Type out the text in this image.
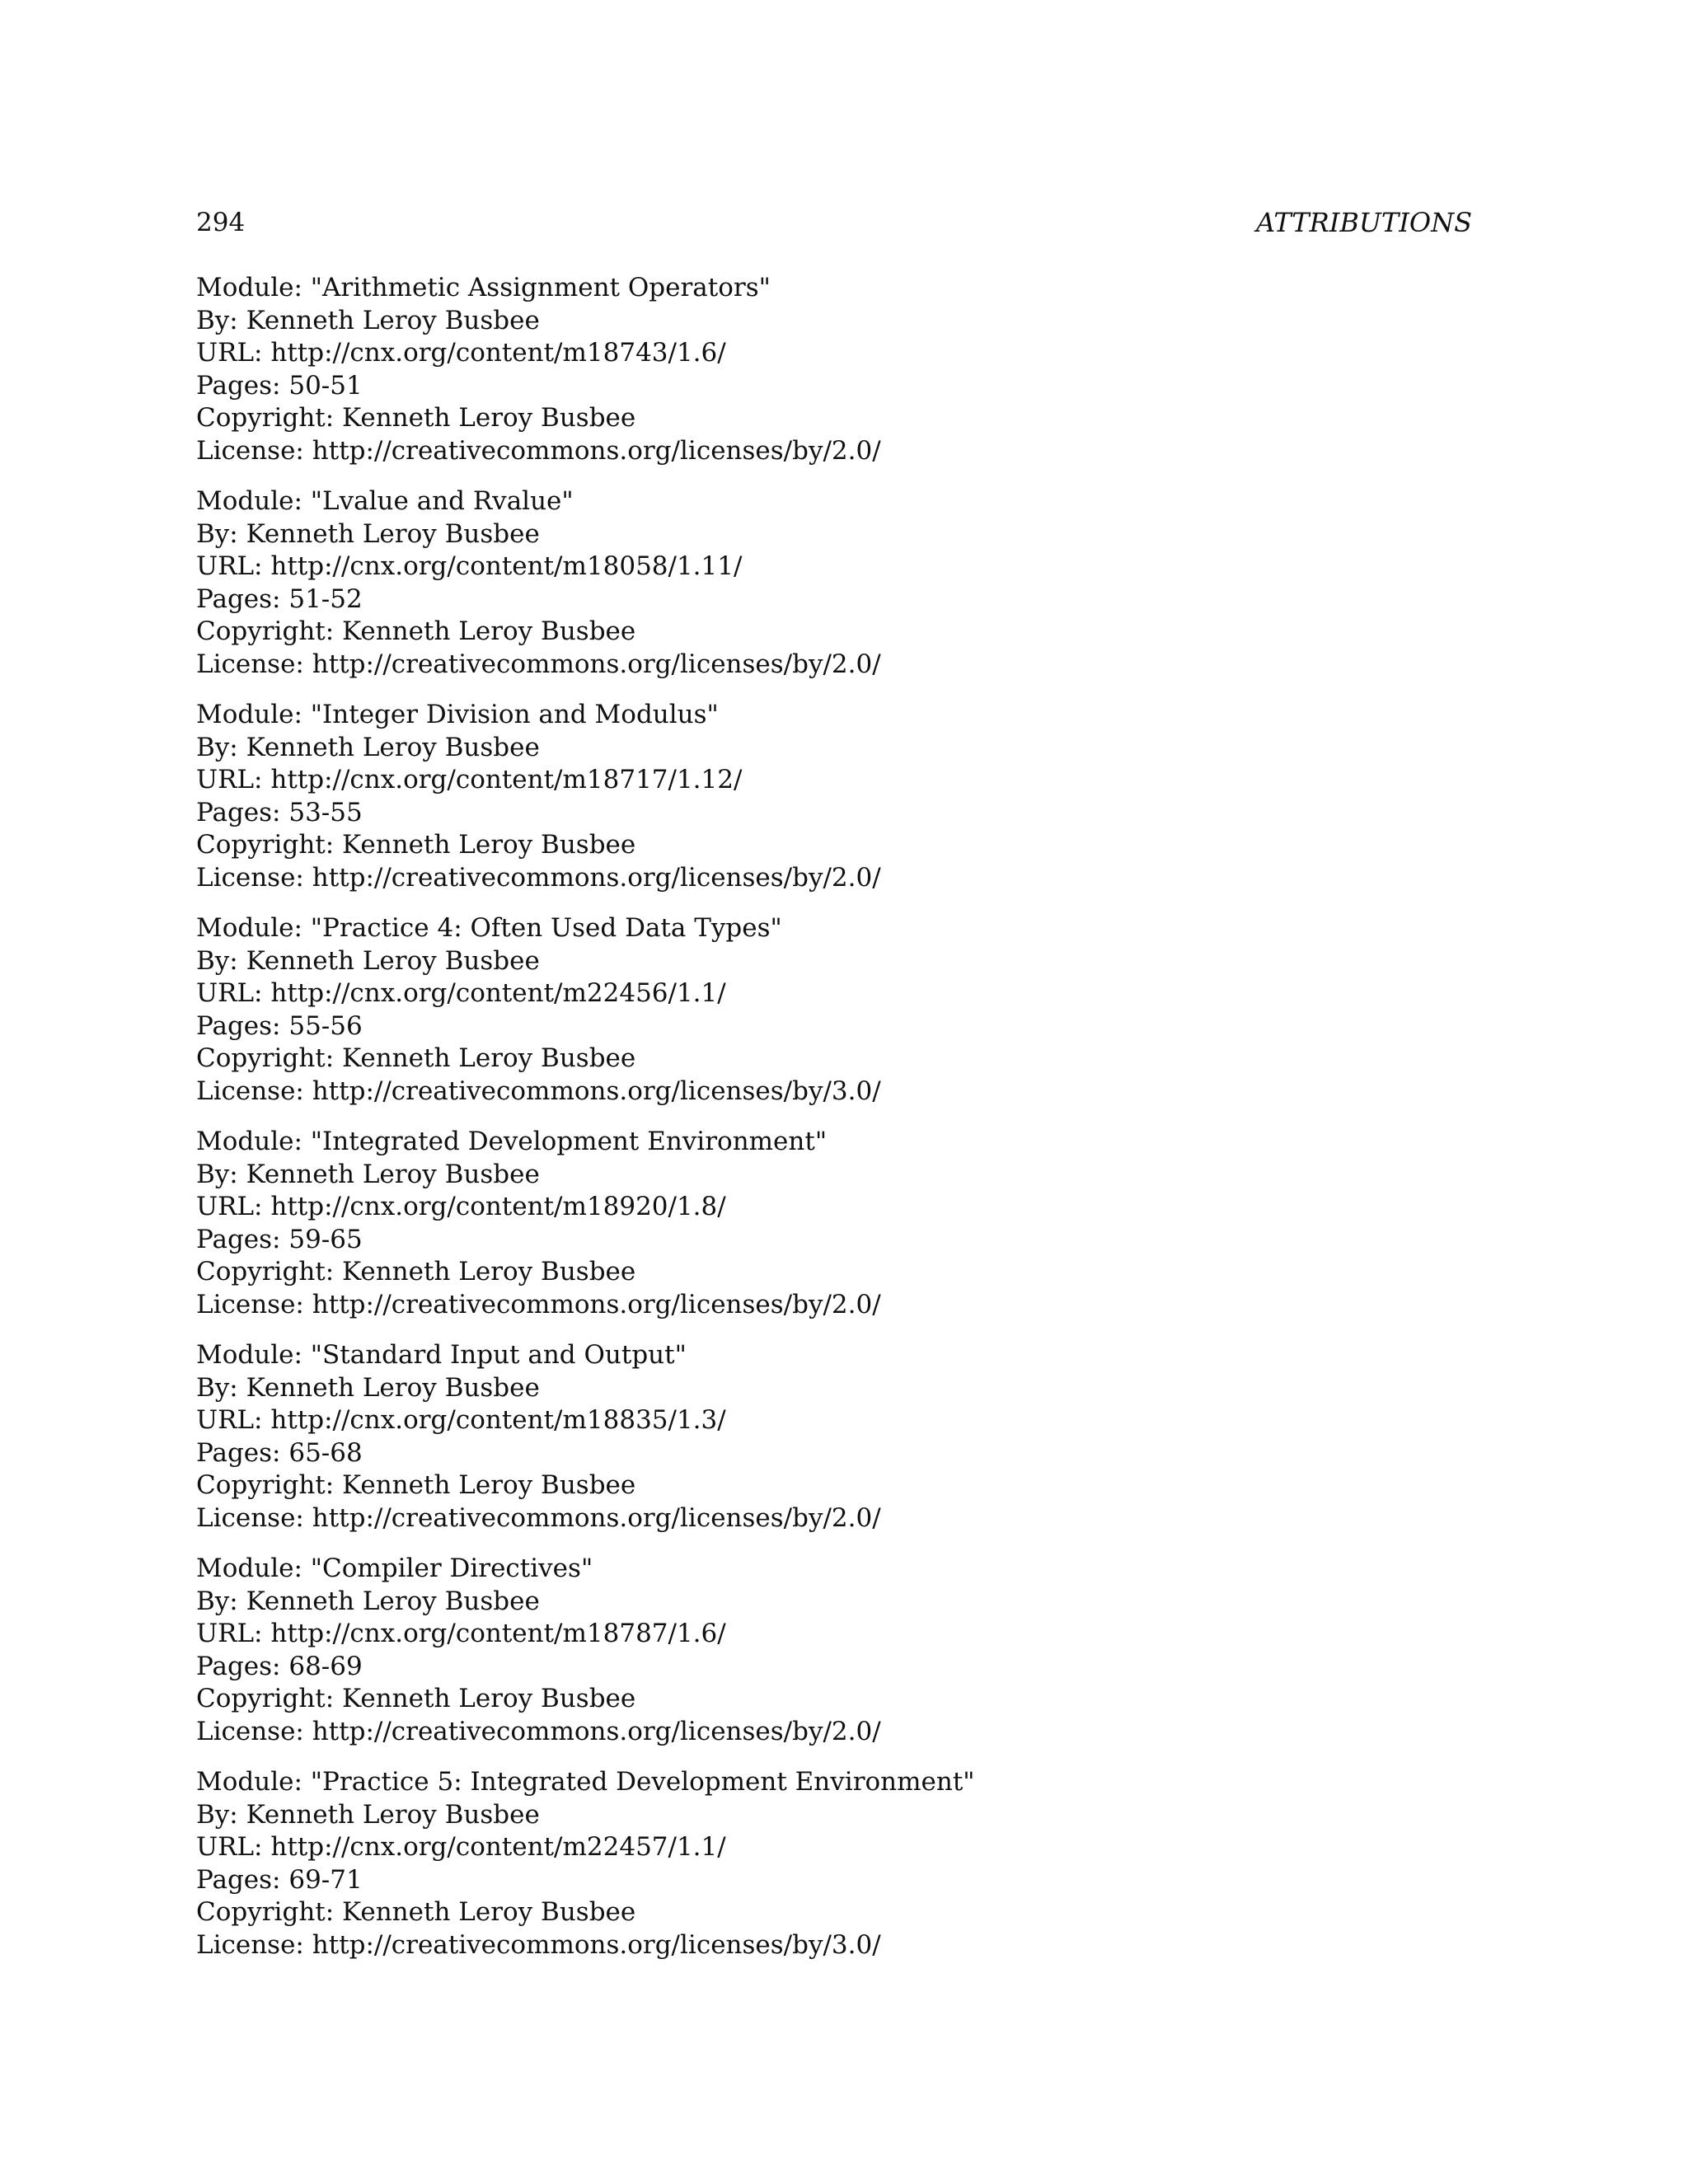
294	ATTRIBUTIONS
Module: "Arithmetic Assignment Operators"
By: Kenneth Leroy Busbee
URL: http://cnx.org/content/m18743/1.6/
Pages: 50-51
Copyright: Kenneth Leroy Busbee
License: http://creativecommons.org/licenses/by/2.0/
Module: "Lvalue and Rvalue"
By: Kenneth Leroy Busbee
URL: http://cnx.org/content/m18058/1.11/
Pages: 51-52
Copyright: Kenneth Leroy Busbee
License: http://creativecommons.org/licenses/by/2.0/
Module: "Integer Division and Modulus"
By: Kenneth Leroy Busbee
URL: http://cnx.org/content/m18717/1.12/
Pages: 53-55
Copyright: Kenneth Leroy Busbee
License: http://creativecommons.org/licenses/by/2.0/
Module: "Practice 4: Often Used Data Types"
By: Kenneth Leroy Busbee
URL: http://cnx.org/content/m22456/1.1/
Pages: 55-56
Copyright: Kenneth Leroy Busbee
License: http://creativecommons.org/licenses/by/3.0/
Module: "Integrated Development Environment"
By: Kenneth Leroy Busbee
URL: http://cnx.org/content/m18920/1.8/
Pages: 59-65
Copyright: Kenneth Leroy Busbee
License: http://creativecommons.org/licenses/by/2.0/
Module: "Standard Input and Output"
By: Kenneth Leroy Busbee
URL: http://cnx.org/content/m18835/1.3/
Pages: 65-68
Copyright: Kenneth Leroy Busbee
License: http://creativecommons.org/licenses/by/2.0/
Module: "Compiler Directives"
By: Kenneth Leroy Busbee
URL: http://cnx.org/content/m18787/1.6/
Pages: 68-69
Copyright: Kenneth Leroy Busbee
License: http://creativecommons.org/licenses/by/2.0/
Module: "Practice 5: Integrated Development Environment"
By: Kenneth Leroy Busbee
URL: http://cnx.org/content/m22457/1.1/
Pages: 69-71
Copyright: Kenneth Leroy Busbee
License: http://creativecommons.org/licenses/by/3.0/
